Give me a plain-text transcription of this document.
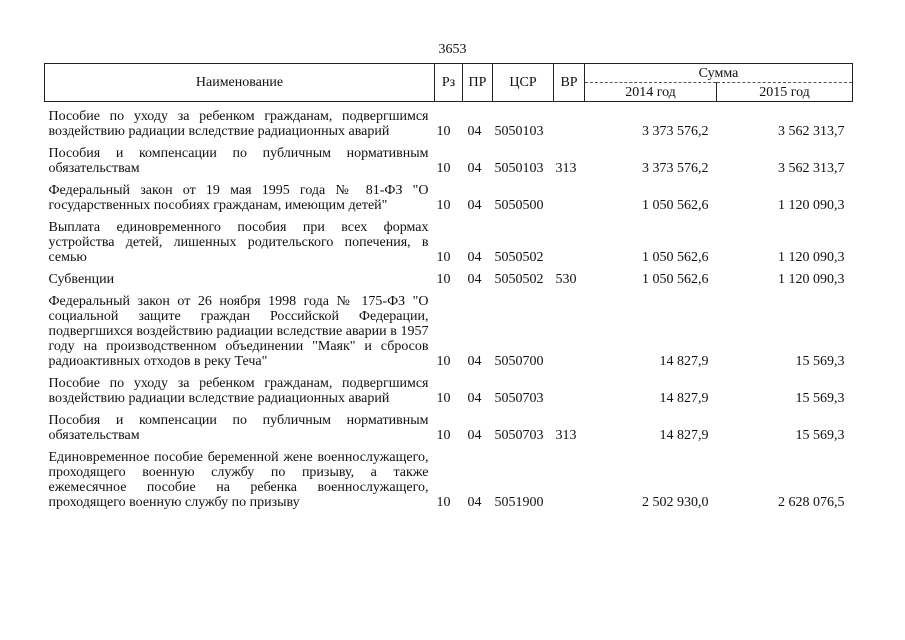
3653
Наименование	Рз	ПР	ЦСР	ВР	Сумма	
					2014 год	2015 год
Пособие по уходу за ребенком гражданам, подвергшимся воздействию радиации вследствие радиационных аварий	10	04	5050103		3 373 576,2	3 562 313,7
Пособия и компенсации по публичным нормативным обязательствам	10	04	5050103	313	3 373 576,2	3 562 313,7
Федеральный закон от 19 мая 1995 года № 81-ФЗ "О государственных пособиях гражданам, имеющим детей"	10	04	5050500		1 050 562,6	1 120 090,3
Выплата единовременного пособия при всех формах устройства детей, лишенных родительского попечения, в семью	10	04	5050502		1 050 562,6	1 120 090,3
Субвенции	10	04	5050502	530	1 050 562,6	1 120 090,3
Федеральный закон от 26 ноября 1998 года № 175-ФЗ "О социальной защите граждан Российской Федерации, подвергшихся воздействию радиации вследствие аварии в 1957 году на производственном объединении "Маяк" и сбросов радиоактивных отходов в реку Теча"	10	04	5050700		14 827,9	15 569,3
Пособие по уходу за ребенком гражданам, подвергшимся воздействию радиации вследствие радиационных аварий	10	04	5050703		14 827,9	15 569,3
Пособия и компенсации по публичным нормативным обязательствам	10	04	5050703	313	14 827,9	15 569,3
Единовременное пособие беременной жене военнослужащего, проходящего военную службу по призыву, а также ежемесячное пособие на ребенка военнослужащего, проходящего военную службу по призыву	10	04	5051900		2 502 930,0	2 628 076,5
